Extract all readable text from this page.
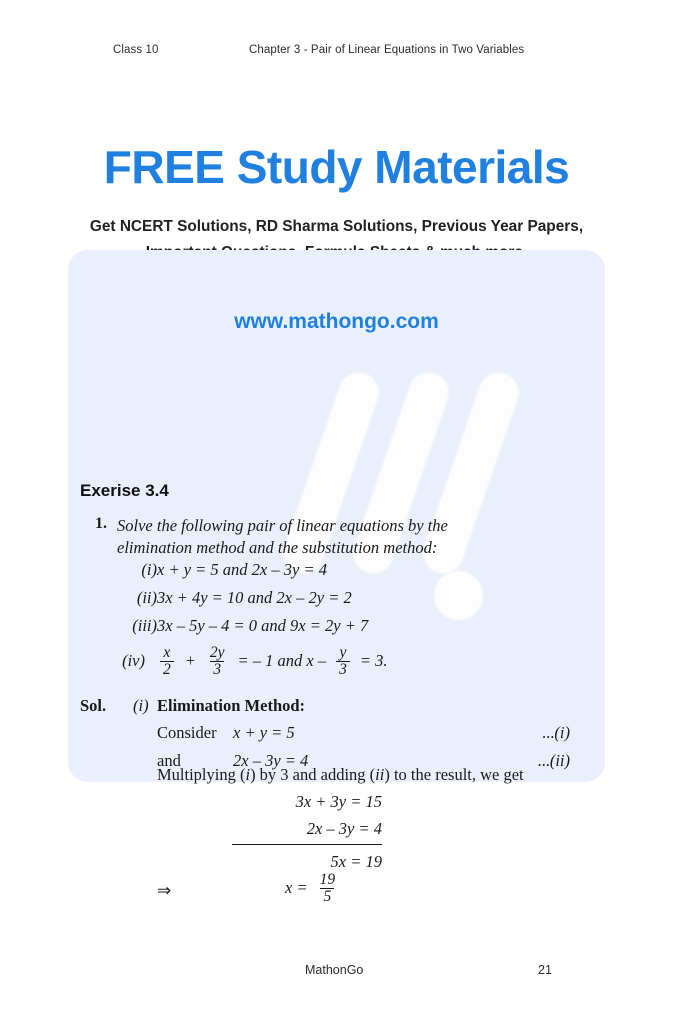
Class 10	Chapter 3 - Pair of Linear Equations in Two Variables
FREE Study Materials
Get NCERT Solutions, RD Sharma Solutions, Previous Year Papers,
www.mathongo.com
Exerise 3.4
1. Solve the following pair of linear equations by the
elimination method and the substitution method:
(i) x + y = 5 and 2x – 3y = 4
(ii) 3x + 4y = 10 and 2x – 2y = 2
(iii) 3x – 5y – 4 = 0 and 9x = 2y + 7
$(iv) \frac{x}{2} + \frac{2y}{3}$ = – 1 and $x - \frac{y}{3} = 3$.
Sol. (i) Elimination Method:
Consider x + y = 5	...(i)
and	2x – 3y = 4	...(ii)
Multiplying (i) by 3 and adding (ii) to the result, we get
3x + 3y = 15
2x – 3y = 4
5x = 19
⇒	$x = \frac{19}{5}$
MathonGo	21
